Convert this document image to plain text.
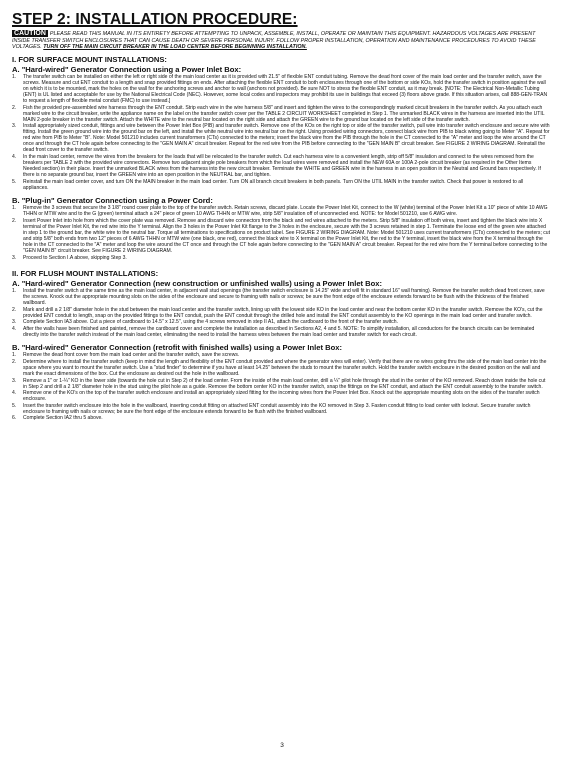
STEP 2: INSTALLATION PROCEDURE:
CAUTION PLEASE READ THIS MANUAL IN ITS ENTIRETY BEFORE ATTEMPTING TO UNPACK, ASSEMBLE, INSTALL, OPERATE OR MAINTAIN THIS EQUIPMENT. HAZARDOUS VOLTAGES ARE PRESENT INSIDE TRANSFER SWITCH ENCLOSURES THAT CAN CAUSE DEATH OR SEVERE PERSONAL INJURY. FOLLOW PROPER INSTALLATION, OPERATION AND MAINTENANCE PROCEDURES TO AVOID THESE VOLTAGES. TURN OFF THE MAIN CIRCUIT BREAKER IN THE LOAD CENTER BEFORE BEGINNING INSTALLATION.
I. FOR SURFACE MOUNT INSTALLATIONS:
A. "Hard-wired" Generator Connection using a Power Inlet Box:
1. The transfer switch can be installed on either the left or right side of the main load center as it is provided with 21.5" of flexible ENT conduit tubing. Remove the dead front cover of the main load center and the transfer switch, save the screws. Measure and cut ENT conduit to a length and snap provided fittings on ends. After attaching the flexible ENT conduit to both enclosures through one of the bottom or side KOs, hold the transfer switch in position against the wall on which it is to be mounted, mark the holes on the wall for the anchoring screws and anchor to wall (anchors not provided). Be sure NOT to stress the flexible ENT conduit, as it may break. [NOTE: The Electrical Non-Metallic Tubing (ENT) is UL listed and acceptable for use by the National Electrical Code (NEC). However, some local codes and inspectors may prohibit its use in buildings that exceed (3) floors above grade. If this situation arises, call 888-GEN-TRAN to request a length of flexible metal conduit (FMC) to use instead.]
2. Fish the provided pre-assembled wire harness through the ENT conduit. Strip each wire in the wire harness 5/8" and insert and tighten the wires to the correspondingly marked circuit breakers in the transfer switch. As you attach each marked wire to the circuit breaker, write the appliance name on the label on the transfer switch cover per the TABLE 2 CIRCUIT WORKSHEET completed in Step 1. The unmarked BLACK wires in the harness are inserted into the UTIL MAIN 2-pole breaker in the transfer switch. Attach the WHITE wire to the neutral bar located on the right side and attach the GREEN wire to the ground bar located on the left side of the transfer switch.
3. Install appropriately sized conduit, fittings and wire between the Power Inlet Box (PIB) and transfer switch. Remove one of the KOs on the right top or side of the transfer switch, pull wire into transfer switch enclosure and secure wire with fitting. Install the green ground wire into the ground bar on the left, and install the white neutral wire into neutral bar on the right. Using provided wiring connectors, connect black wire from PIB to black wiring going to Meter "A". Repeat for red wire from PIB to Meter "B". Note: Model 501210 includes current transformers (CTs) connected to the meters; insert the black wire from the PIB through the hole in the CT connected to the "A" meter and loop the wire around the CT once and through the CT hole again before connecting to the "GEN MAIN A" circuit breaker. Repeat for the red wire from the PIB before connecting to the "GEN MAIN B" circuit breaker. See FIGURE 2 WIRING DIAGRAM. Reinstall the dead front cover to the transfer switch.
4. In the main load center, remove the wires from the breakers for the loads that will be relocated to the transfer switch. Cut each harness wire to a convenient length, strip off 5/8" insulation and connect to the wires removed from the breakers per TABLE 2 with the provided wire connectors. Remove two adjacent single pole breakers from which the load wires were removed and install the NEW 60A or 100A 2-pole circuit breaker (as required in the Other Items Needed section) in their place. Insert the unmarked BLACK wires from the harness into the new circuit breaker. Terminate the WHITE and GREEN wire in the harness in an open position in the Neutral and Ground bars respectively. If there is no separate ground bar, insert the GREEN wire into an open position in the NEUTRAL bar, and tighten.
5. Reinstall the main load center cover, and turn ON the MAIN breaker in the main load center. Turn ON all branch circuit breakers in both panels. Turn ON the UTIL MAIN in the transfer switch. Check that power is restored to all appliances.
B. "Plug-in" Generator Connection using a Power Cord:
1. Remove the 3 screws that secure the 3 1/8" round cover plate to the top of the transfer switch. Retain screws, discard plate. Locate the Power Inlet Kit, connect to the W (white) terminal of the Power Inlet Kit a 10" piece of white 10 AWG THHN or MTW wire and to the G (green) terminal attach a 24" piece of green 10 AWG THHN or MTW wire, strip 5/8" insulation off of unconnected end. NOTE: for Model 501210, use 6 AWG wire.
2. Insert Power Inlet into hole from which the cover plate was removed. Remove and discard wire connectors from the black and red wires attached to the meters. Strip 5/8" insulation off both wires, insert and tighten the black wire into X terminal of the Power Inlet Kit, the red wire into the Y terminal. Align the 3 holes in the Power Inlet Kit flange to the 3 holes in the enclosure, secure with the 3 screws retained in step 1. Terminate the loose end of the green wire attached in step 1 to the ground bar, the white wire to the neutral bar. Torque all terminations to specifications on product label. See FIGURE 2 WIRING DIAGRAM. Note: Model 501210 uses current transformers (CTs) connected to the meters; cut and strip 5/8" both ends from two 12" pieces of 6 AWG THHN or MTW wire (one black, one red), connect the black wire to X terminal on the Power Inlet Kit, the red to the Y terminal, insert the black wire from the X terminal through the hole in the CT connected to the "A" meter and loop the wire around the CT once and through the CT hole again before connecting to the "GEN MAIN A" circuit breaker. Repeat for the red wire from the Y terminal before connecting to the "GEN MAIN B" circuit breaker. See FIGURE 2 WIRING DIAGRAM.
3. Proceed to Section I.A above, skipping Step 3.
II. FOR FLUSH MOUNT INSTALLATIONS:
A. "Hard-wired" Generator Connection (new construction or unfinished walls) using a Power Inlet Box:
1. Install the transfer switch at the same time as the main load center, in adjacent wall stud openings (the transfer switch enclosure is 14.25" wide and will fit in standard 16" wall framing). Remove the transfer switch dead front cover, save the screws. Knock out the appropriate mounting slots on the sides of the enclosure and secure to framing with nails or screws; be sure the front edge of the enclosure extends forward to be flush with the thickness of the finished wallboard.
2. Mark and drill a 2 1/8" diameter hole in the stud between the main load center and the transfer switch, lining up with the lowest side KO in the load center and near the bottom center KO in the transfer switch. Remove the KO's, cut the provided ENT conduit to length, snap on the provided fittings to the ENT conduit, push the ENT conduit through the drilled hole and install the ENT conduit assembly to the KO openings in the main load center and transfer switch.
3. Complete Section IA3 above. Cut a piece of cardboard to 14.5" x 12.5", using the 4 screws removed in step II A1, attach the cardboard to the front of the transfer switch.
4. After the walls have been finished and painted, remove the cardboard cover and complete the installation as described in Sections A2, 4 and 5. NOTE: To simplify installation, all conductors for the branch circuits can be terminated directly into the transfer switch instead of the main load center, eliminating the need to install the harness wires between the main load center and transfer switch for each circuit.
B. "Hard-wired" Generator Connection (retrofit with finished walls) using a Power Inlet Box:
1. Remove the dead front cover from the main load center and the transfer switch, save the screws.
2. Determine where to install the transfer switch (keep in mind the length and flexibility of the ENT conduit provided and where the generator wires will enter). Verify that there are no wires going thru the side of the main load center into the space where you want to mount the transfer switch. Use a "stud finder" to determine if you have at least 14.25" between the studs to mount the transfer switch. Hold the transfer switch enclosure in the desired position on the wall and mark the exact dimensions of the box. Cut the enclosure as desired out the hole in the wallboard.
3. Remove a 1" or 1-¼" KO in the lower side (towards the hole cut in Step 2) of the load center. From the inside of the main load center, drill a ¼" pilot hole through the stud in the center of the KO removed. Reach down inside the hole cut in Step 2 and drill a 2 1/8" diameter hole in the stud using the pilot hole as a guide. Remove the bottom center KO in the transfer switch, snap the fittings on the ENT conduit, and attach the ENT conduit assembly to the transfer switch.
4. Remove one of the KO's on the top of the transfer switch enclosure and install an appropriately sized fitting for the incoming wires from the Power Inlet Box. Knock out the appropriate mounting slots on the sides of the transfer switch enclosure.
5. Insert the transfer switch enclosure into the hole in the wallboard, inserting conduit fitting on attached ENT conduit assembly into the KO removed in Step 3. Fasten conduit fitting to load center with locknut. Secure transfer switch enclosure to framing with nails or screws; be sure the front edge of the enclosure extends forward to be flush with the finished wallboard.
6. Complete Section IA2 thru 5 above.
3
